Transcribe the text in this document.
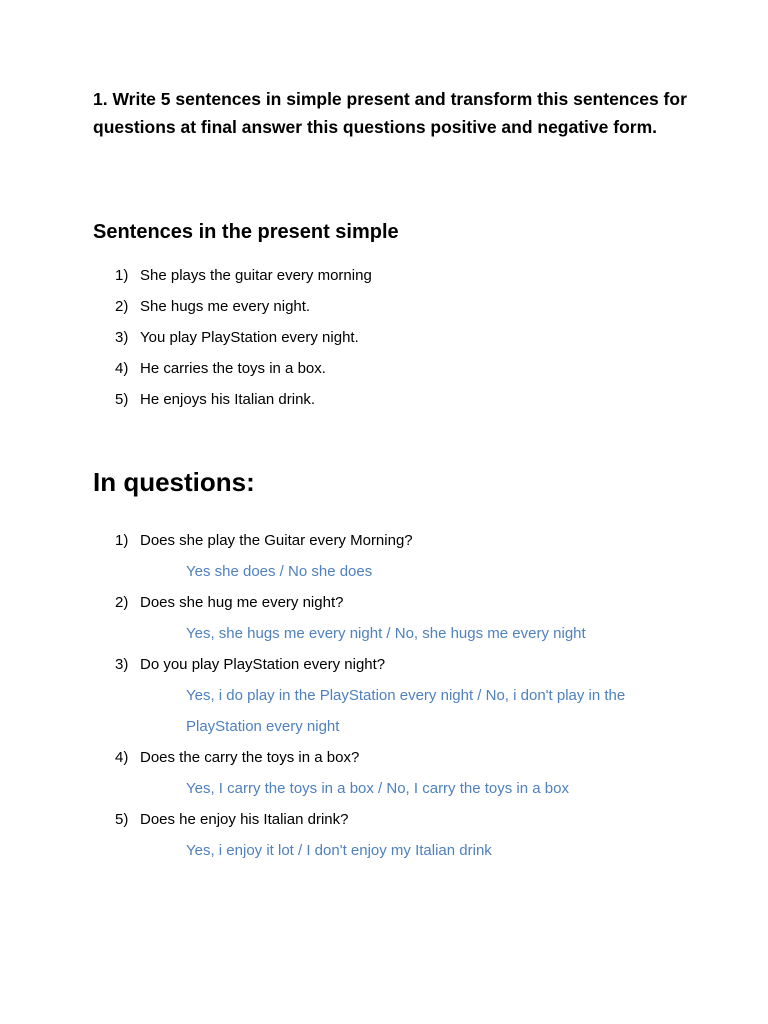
1. Write 5 sentences in simple present and transform this sentences for questions at final answer this questions positive and negative form.
Sentences in the present simple
1) She plays the guitar every morning
2) She hugs me every night.
3) You play PlayStation every night.
4) He carries the toys in a box.
5) He enjoys his Italian drink.
In questions:
1) Does she play the Guitar every Morning?
Yes she does / No she does
2) Does she hug me every night?
Yes, she hugs me every night / No, she hugs me every night
3) Do you play PlayStation every night?
Yes, i do play in the PlayStation every night / No, i don't play in the PlayStation every night
4) Does the carry the toys in a box?
Yes, I carry the toys in a box / No, I carry the toys in a box
5) Does he enjoy his Italian drink?
Yes, i enjoy it lot / I don't enjoy my Italian drink
